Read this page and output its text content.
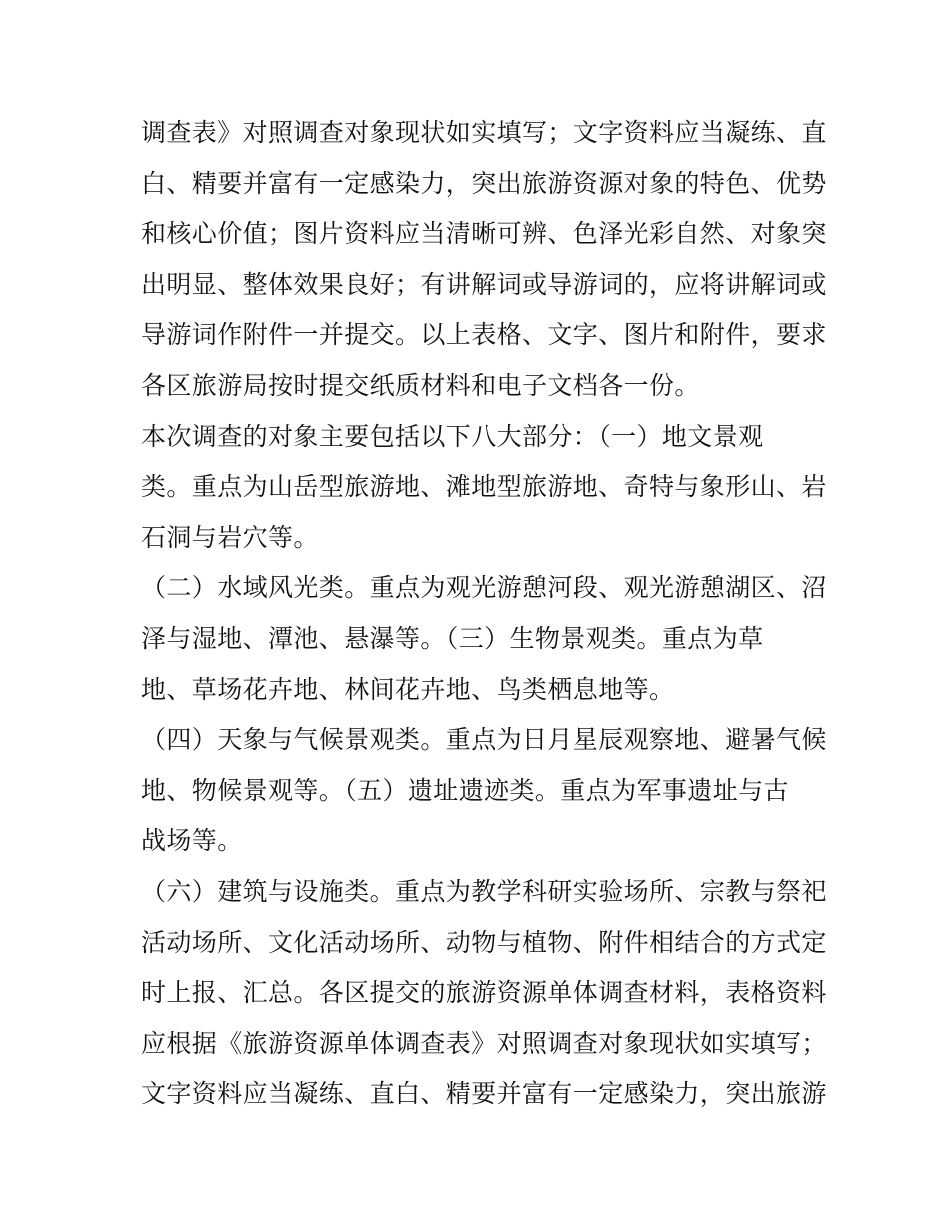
调查表》对照调查对象现状如实填写；文字资料应当凝练、直
白、精要并富有一定感染力，突出旅游资源对象的特色、优势
和核心价值；图片资料应当清晰可辨、色泽光彩自然、对象突
出明显、整体效果良好；有讲解词或导游词的，应将讲解词或
导游词作附件一并提交。以上表格、文字、图片和附件，要求
各区旅游局按时提交纸质材料和电子文档各一份。
本次调查的对象主要包括以下八大部分：（一）地文景观
类。重点为山岳型旅游地、滩地型旅游地、奇特与象形山、岩
石洞与岩穴等。
（二）水域风光类。重点为观光游憩河段、观光游憩湖区、沼
泽与湿地、潭池、悬瀑等。（三）生物景观类。重点为草
地、草场花卉地、林间花卉地、鸟类栖息地等。
（四）天象与气候景观类。重点为日月星辰观察地、避暑气候
地、物候景观等。（五）遗址遗迹类。重点为军事遗址与古
战场等。
（六）建筑与设施类。重点为教学科研实验场所、宗教与祭祀
活动场所、文化活动场所、动物与植物、附件相结合的方式定
时上报、汇总。各区提交的旅游资源单体调查材料，表格资料
应根据《旅游资源单体调查表》对照调查对象现状如实填写；
文字资料应当凝练、直白、精要并富有一定感染力，突出旅游
